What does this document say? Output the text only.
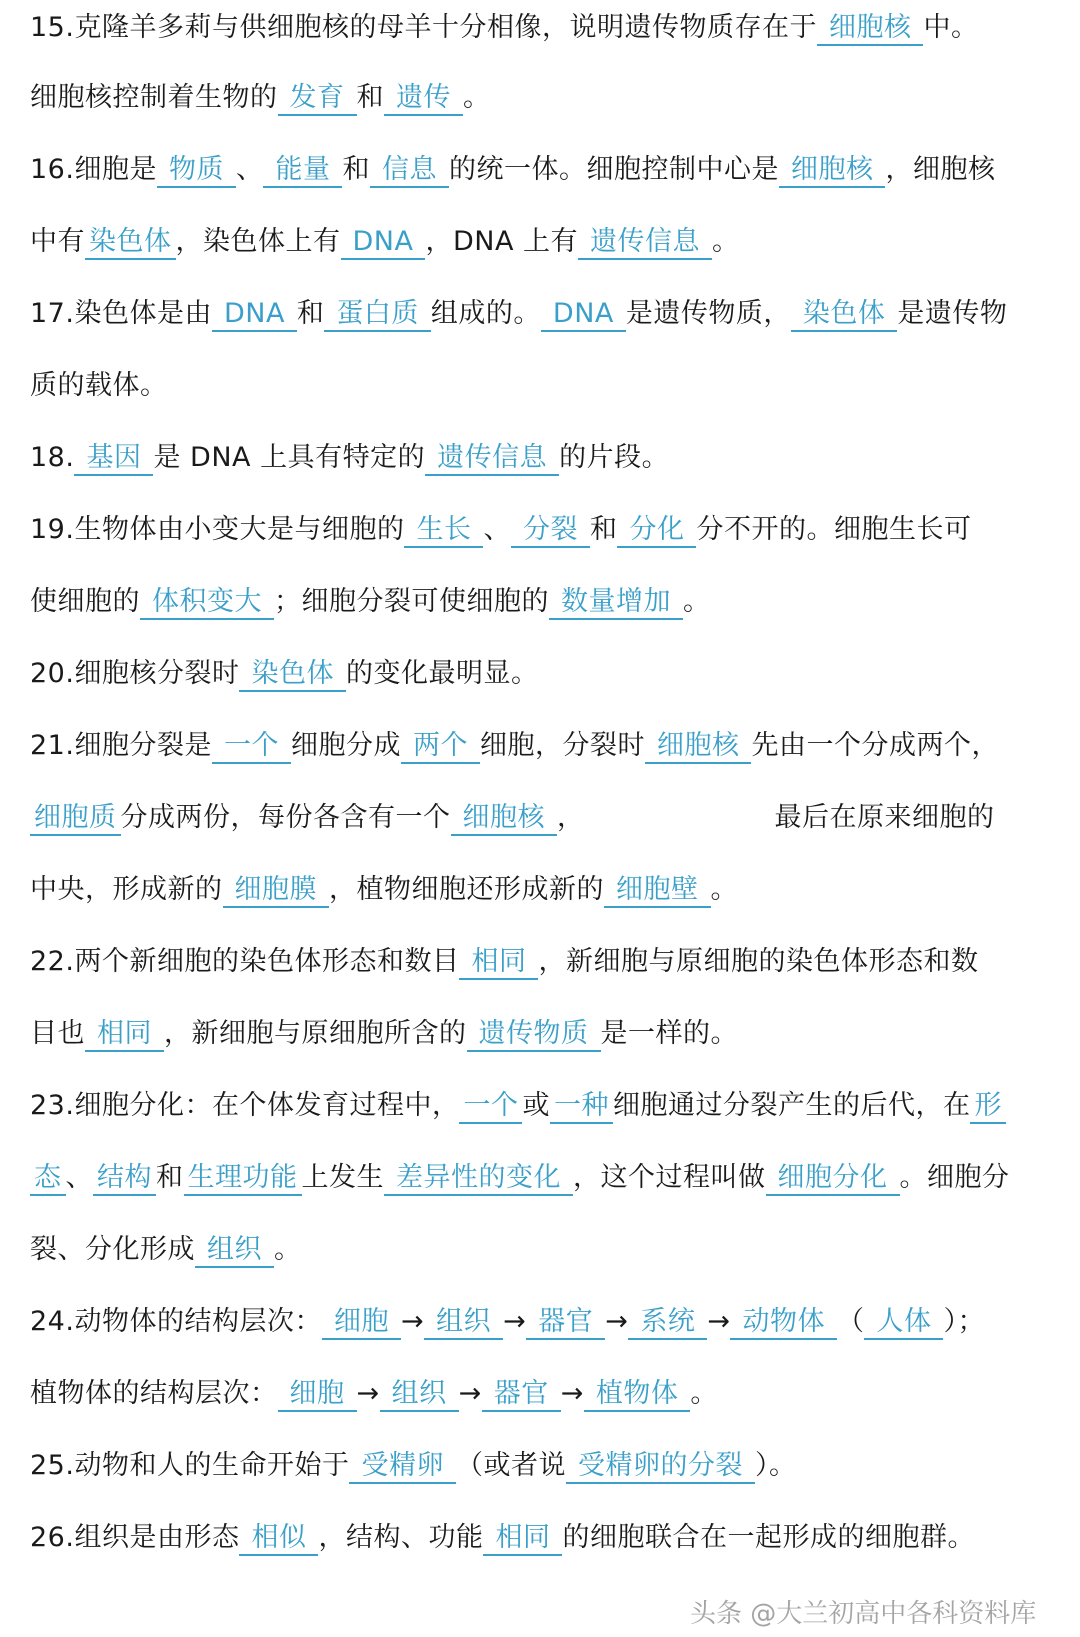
15.克隆羊多莉与供细胞核的母羊十分相像，说明遗传物质存在于 细胞核 中。
细胞核控制着生物的 发育 和 遗传 。
16.细胞是 物质 、 能量 和 信息 的统一体。细胞控制中心是 细胞核 ，细胞核
中有 染色体 ，染色体上有 DNA ，DNA 上有 遗传信息 。
17.染色体是由 DNA 和 蛋白质 组成的。 DNA 是遗传物质， 染色体 是遗传物
质的载体。
18. 基因 是 DNA 上具有特定的 遗传信息 的片段。
19.生物体由小变大是与细胞的 生长 、 分裂 和 分化 分不开的。细胞生长可
使细胞的 体积变大 ；细胞分裂可使细胞的 数量增加 。
20.细胞核分裂时 染色体 的变化最明显。
21.细胞分裂是 一个 细胞分成 两个 细胞，分裂时 细胞核 先由一个分成两个，
细胞质 分成两份，每份各含有一个 细胞核 ，	最后在原来细胞的
中央，形成新的 细胞膜 ，植物细胞还形成新的 细胞壁 。
22.两个新细胞的染色体形态和数目 相同 ，新细胞与原细胞的染色体形态和数
目也 相同 ，新细胞与原细胞所含的 遗传物质 是一样的。
23.细胞分化：在个体发育过程中， 一个 或 一种 细胞通过分裂产生的后代，在 形
态 、 结构 和 生理功能 上发生 差异性的变化 ，这个过程叫做 细胞分化 。细胞分
裂、分化形成 组织 。
24.动物体的结构层次： 细胞 → 组织 → 器官 → 系统 → 动物体 （ 人体 ）；
植物体的结构层次： 细胞 → 组织 → 器官 → 植物体 。
25.动物和人的生命开始于 受精卵 （或者说 受精卵的分裂 ）。
26.组织是由形态 相似 ，结构、功能 相同 的细胞联合在一起形成的细胞群。
头条 @大兰初高中各科资料库
